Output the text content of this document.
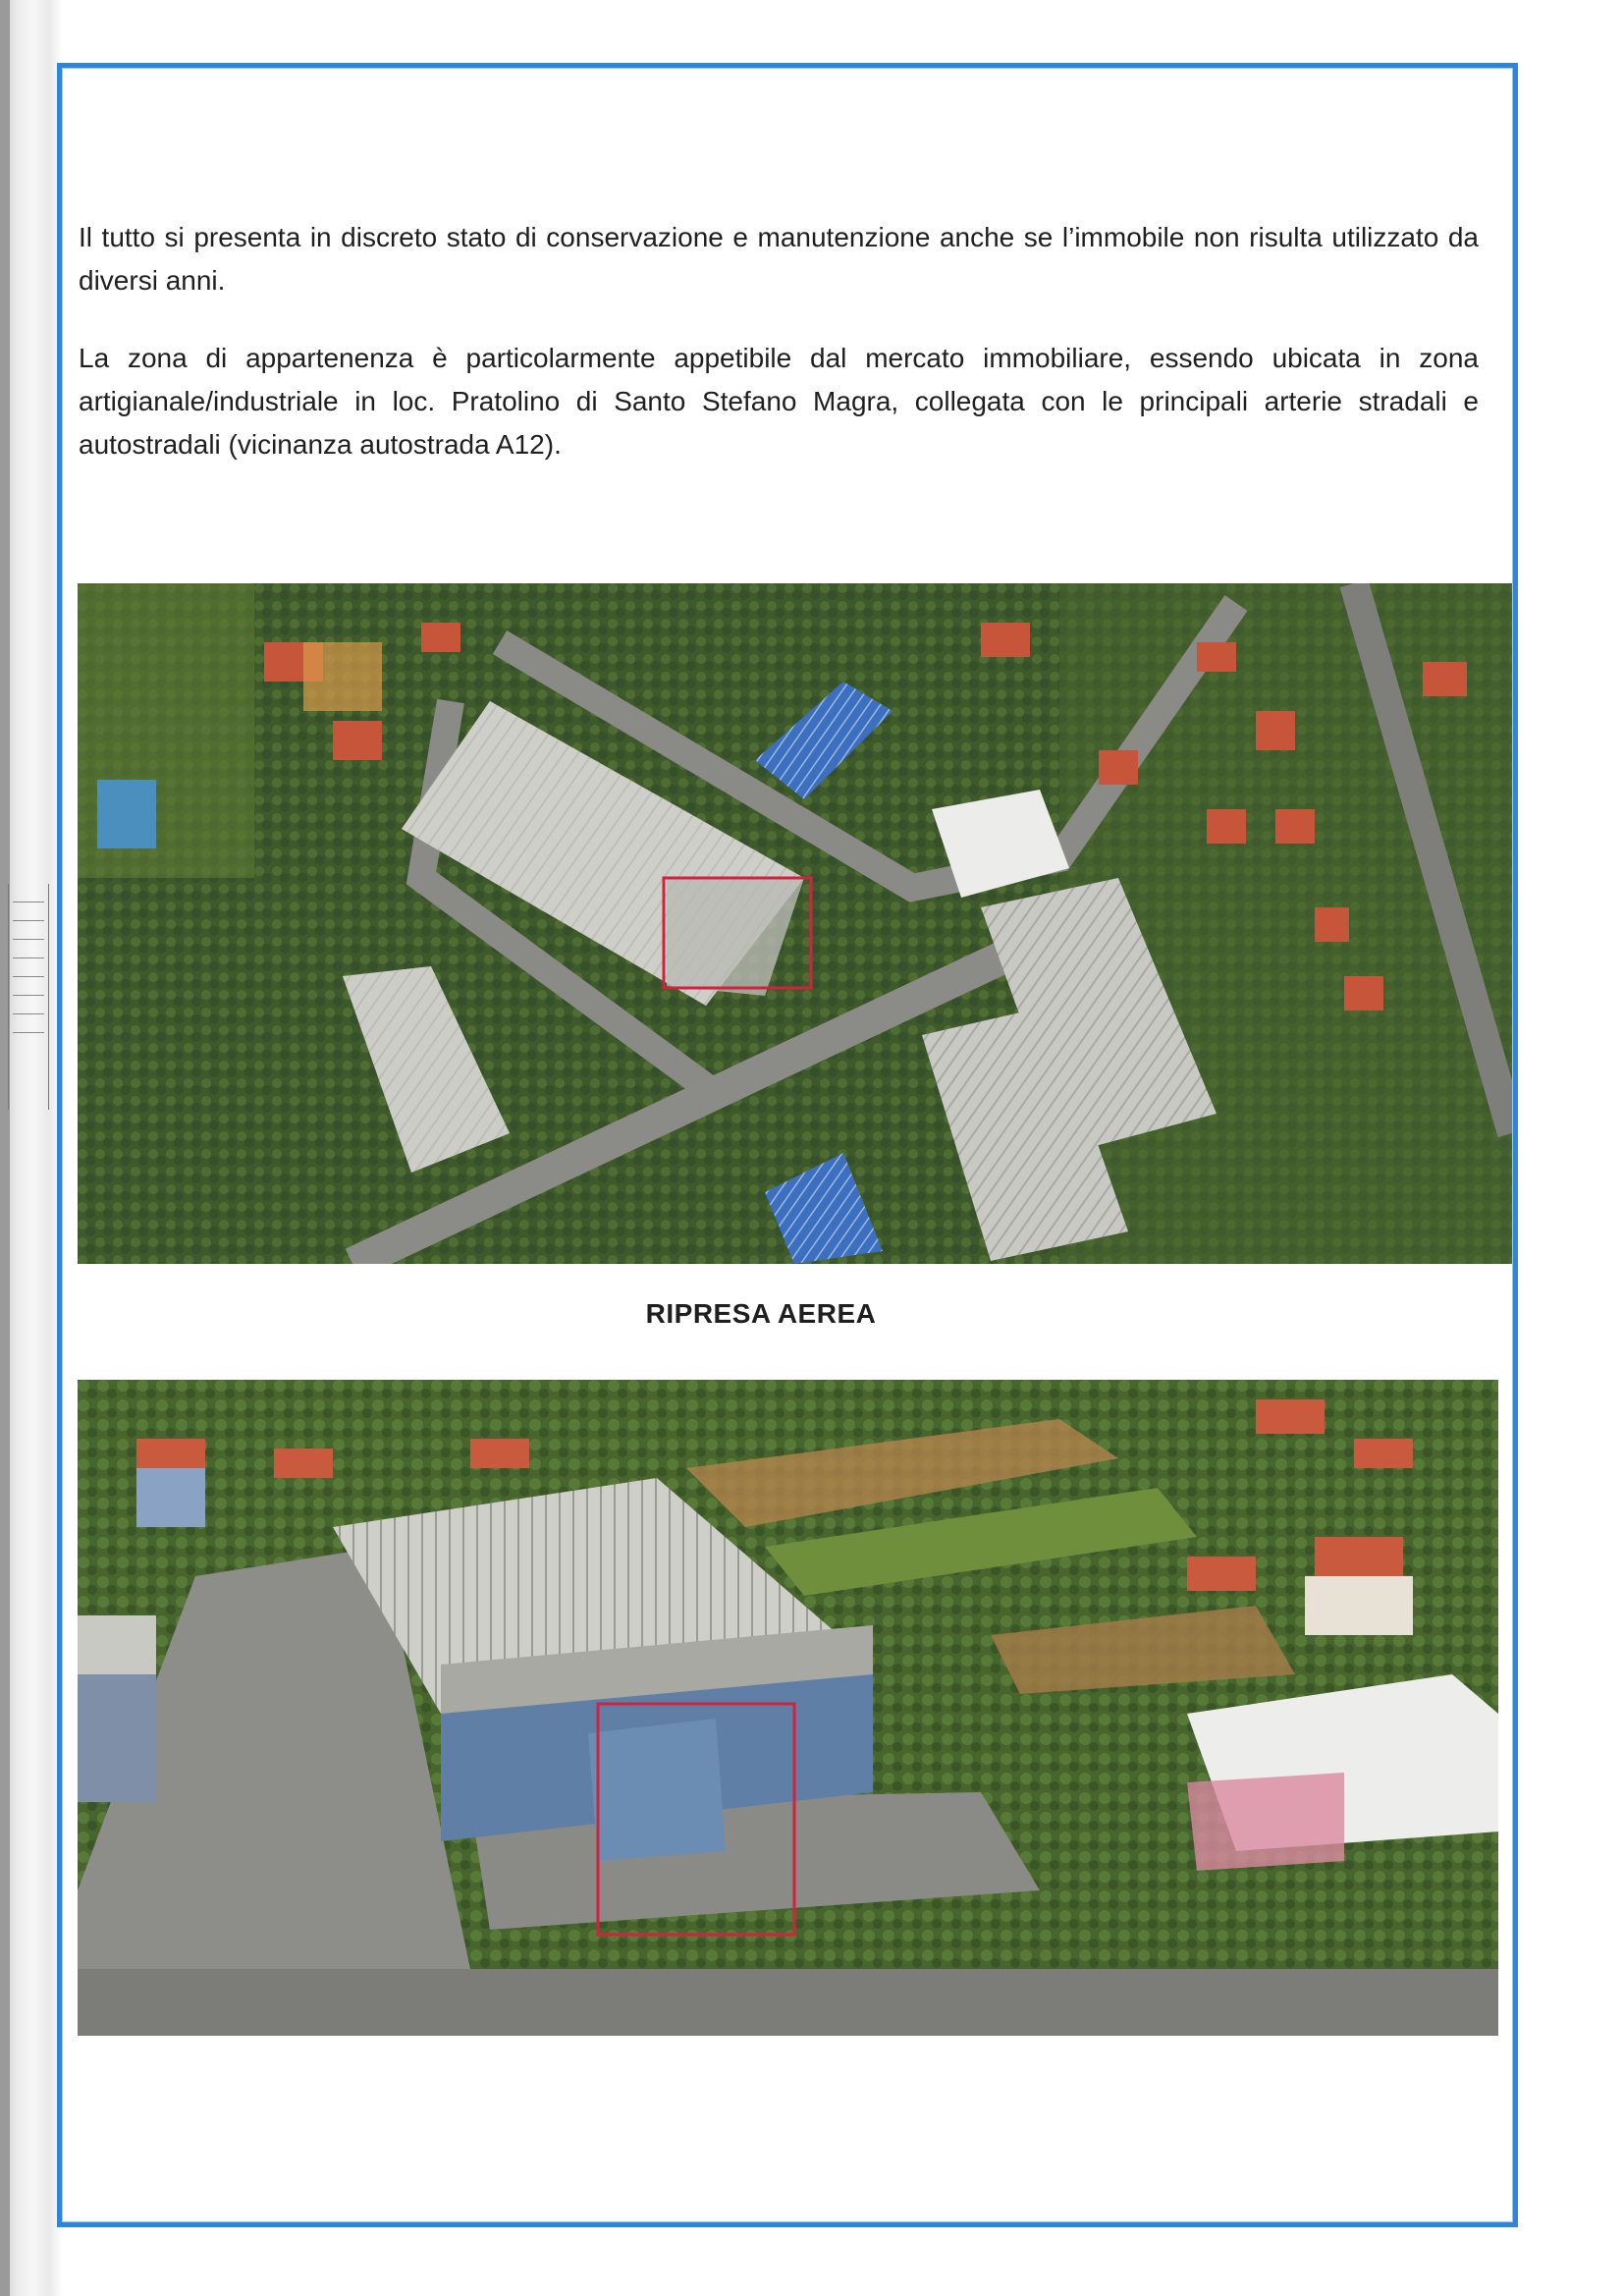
Il tutto si presenta in discreto stato di conservazione e manutenzione anche se l’immobile non risulta utilizzato da diversi anni.

La zona di appartenenza è particolarmente appetibile dal mercato immobiliare, essendo ubicata in zona artigianale/industriale in loc. Pratolino di Santo Stefano Magra, collegata con le principali arterie stradali e autostradali (vicinanza autostrada A12).

RIPRESA AEREA
